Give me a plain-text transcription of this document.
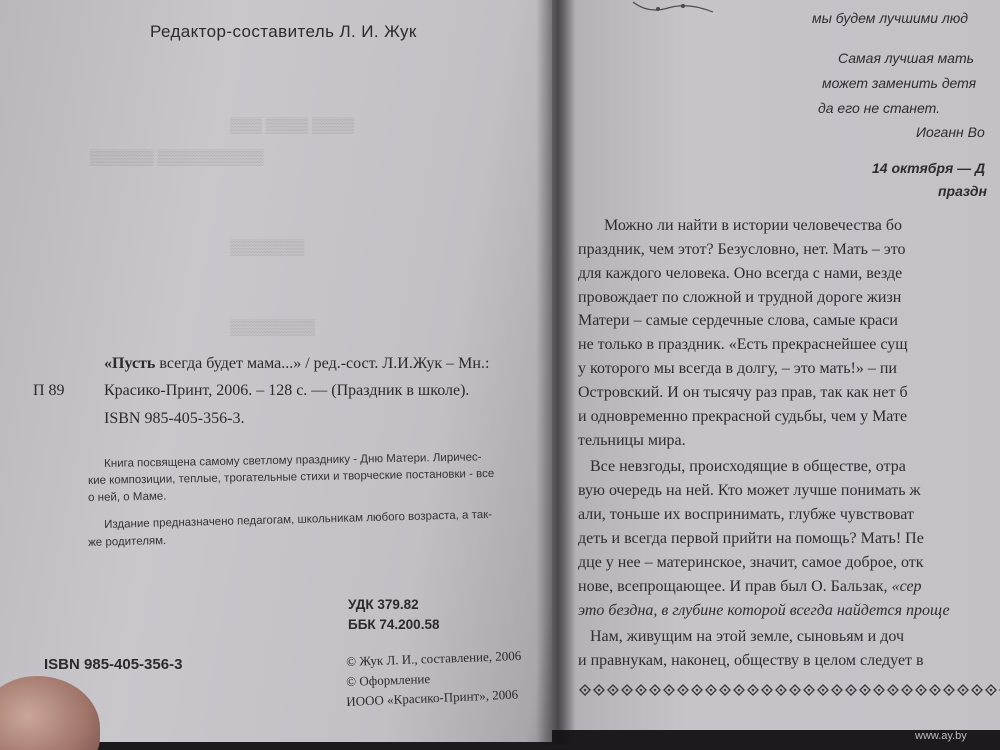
▒▒▒ ▒▒▒▒ ▒▒▒▒
▒▒▒▒▒▒ ▒▒▒▒▒▒▒▒▒▒
▒▒▒▒▒▒▒
▒▒▒▒▒▒▒▒
Редактор-составитель Л. И. Жук
«Пусть всегда будет мама...» / ред.-сост. Л.И.Жук – Мн.:
П 89 Красико-Принт, 2006. – 128 с. — (Праздник в школе).
ISBN 985-405-356-3.
Книга посвящена самому светлому празднику - Дню Матери. Лиричес-
кие композиции, теплые, трогательные стихи и творческие постановки - все
о ней, о Маме.
Издание предназначено педагогам, школьникам любого возраста, а так-
же родителям.
УДК 379.82
ББК 74.200.58
ISBN 985-405-356-3	© Жук Л. И., составление, 2006
© Оформление
ИООО «Красико-Принт», 2006
мы будем лучшими люд
Самая лучшая мать
может заменить детя
да его не станет.
Иоганн Во
14 октября — Д
праздн
Можно ли найти в истории человечества бо
праздник, чем этот? Безусловно, нет. Мать – это
для каждого человека. Оно всегда с нами, везде
провождает по сложной и трудной дороге жизн
Матери – самые сердечные слова, самые краси
не только в праздник. «Есть прекраснейшее сущ
у которого мы всегда в долгу, – это мать!» – пи
Островский. И он тысячу раз прав, так как нет б
и одновременно прекрасной судьбы, чем у Мате
тельницы мира.
Все невзгоды, происходящие в обществе, отра
вую очередь на ней. Кто может лучше понимать ж
али, тоньше их воспринимать, глубже чувствоват
деть и всегда первой прийти на помощь? Мать! Пе
дце у нее – материнское, значит, самое доброе, отк
нове, всепрощающее. И прав был О. Бальзак, «сер
это бездна, в глубине которой всегда найдется проще
Нам, живущим на этой земле, сыновьям и доч
и правнукам, наконец, обществу в целом следует в
www.ay.by
